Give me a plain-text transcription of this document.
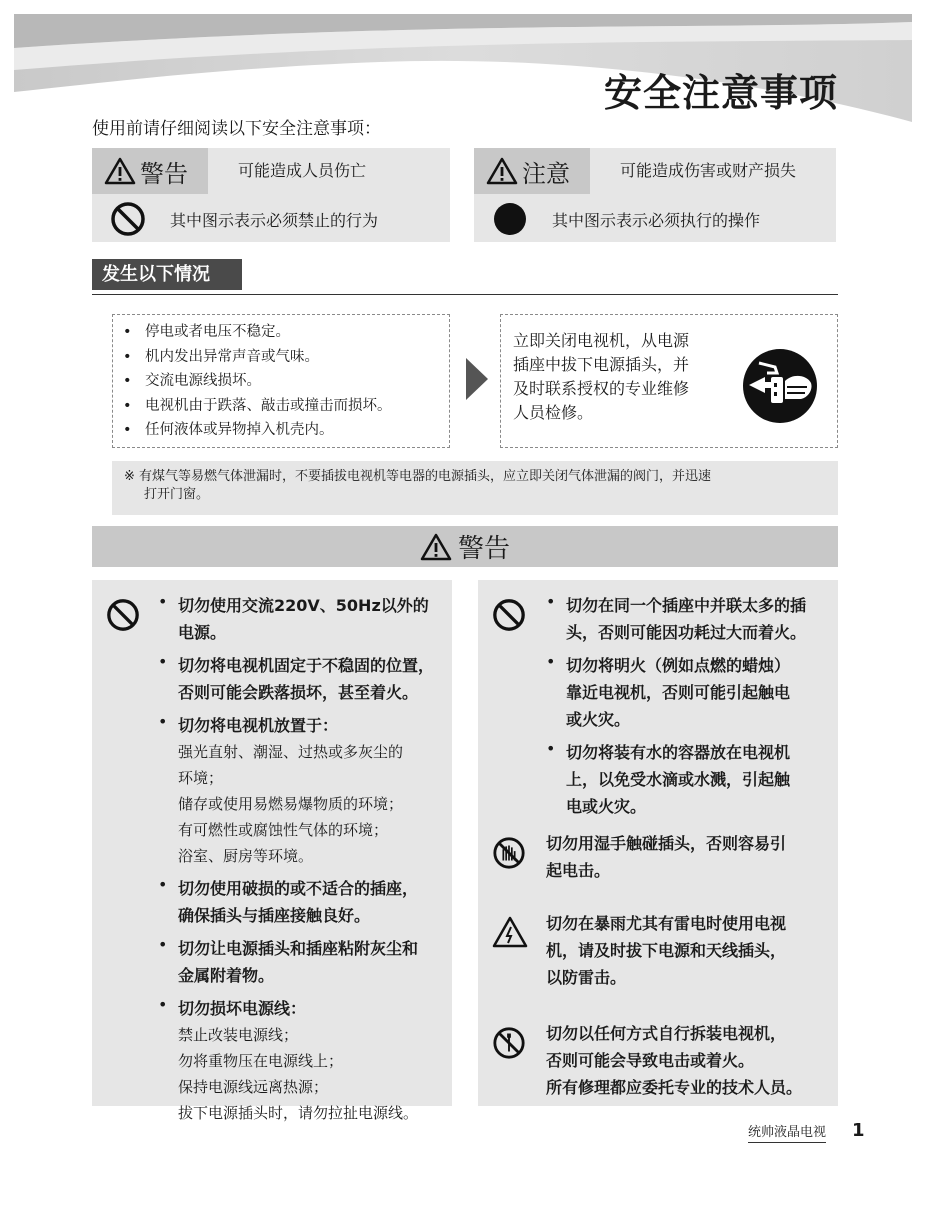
安全注意事项
使用前请仔细阅读以下安全注意事项：
警告	可能造成人员伤亡
其中图示表示必须禁止的行为
注意	可能造成伤害或财产损失
其中图示表示必须执行的操作
发生以下情况
• 停电或者电压不稳定。
• 机内发出异常声音或气味。
• 交流电源线损坏。
• 电视机由于跌落、敲击或撞击而损坏。
• 任何液体或异物掉入机壳内。
立即关闭电视机，从电源
插座中拔下电源插头，并
及时联系授权的专业维修
人员检修。
※ 有煤气等易燃气体泄漏时，不要插拔电视机等电器的电源插头，应立即关闭气体泄漏的阀门，并迅速
打开门窗。
警告
• 切勿使用交流220V、50Hz以外的
电源。
• 切勿将电视机固定于不稳固的位置，
否则可能会跌落损坏，甚至着火。
• 切勿将电视机放置于：
强光直射、潮湿、过热或多灰尘的
环境；
储存或使用易燃易爆物质的环境；
有可燃性或腐蚀性气体的环境；
浴室、厨房等环境。
• 切勿使用破损的或不适合的插座，
确保插头与插座接触良好。
• 切勿让电源插头和插座粘附灰尘和
金属附着物。
• 切勿损坏电源线：
禁止改装电源线；
勿将重物压在电源线上；
保持电源线远离热源；
拔下电源插头时，请勿拉扯电源线。
• 切勿在同一个插座中并联太多的插
头，否则可能因功耗过大而着火。
• 切勿将明火（例如点燃的蜡烛）
靠近电视机，否则可能引起触电
或火灾。
• 切勿将装有水的容器放在电视机
上，以免受水滴或水溅，引起触
电或火灾。
切勿用湿手触碰插头，否则容易引
起电击。
切勿在暴雨尤其有雷电时使用电视
机，请及时拔下电源和天线插头，
以防雷击。
切勿以任何方式自行拆装电视机，
否则可能会导致电击或着火。
所有修理都应委托专业的技术人员。
统帅液晶电视 1
